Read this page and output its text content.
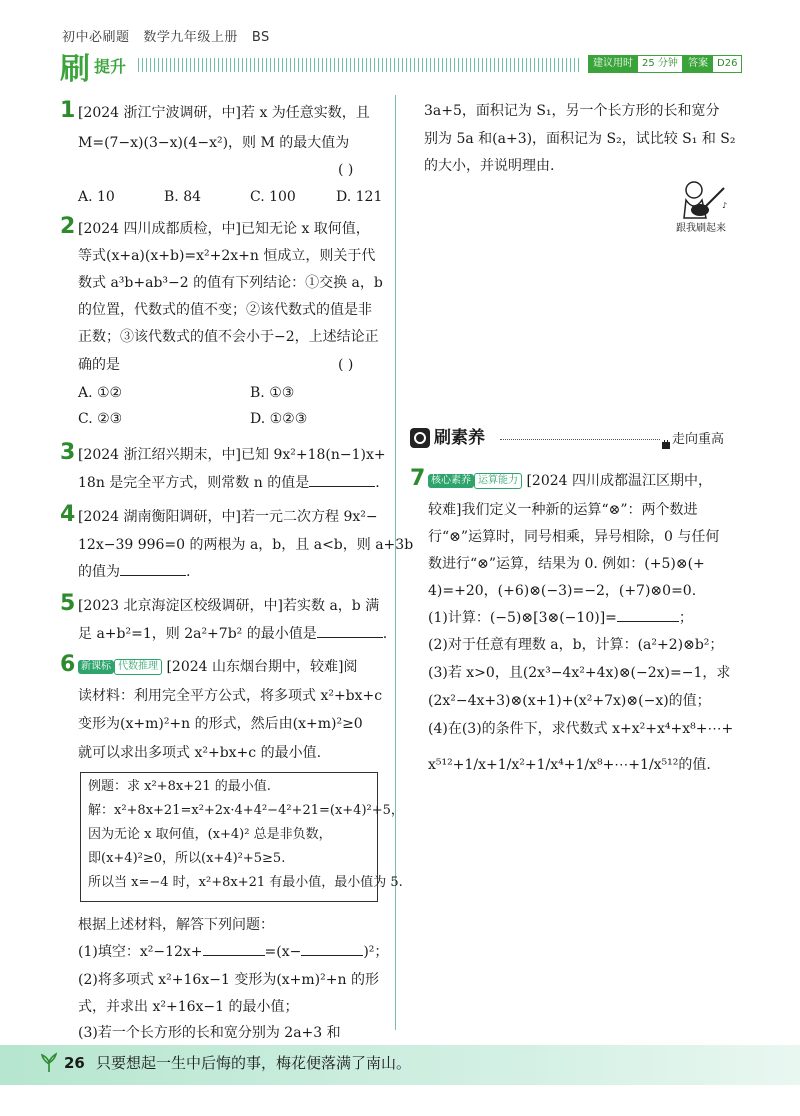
初中必刷题 数学九年级上册 BS
刷 提升	建议用时 25 分钟	答案 D26
1 [2024 浙江宁波调研，中]若 x 为任意实数，且
M=(7−x)(3−x)(4−x²)，则 M 的最大值为
( )
A. 10	B. 84	C. 100	D. 121
2 [2024 四川成都质检，中]已知无论 x 取何值，
等式(x+a)(x+b)=x²+2x+n 恒成立，则关于代
数式 a³b+ab³−2 的值有下列结论：①交换 a，b
的位置，代数式的值不变；②该代数式的值是非
正数；③该代数式的值不会小于−2，上述结论正
确的是	( )
A. ①②	B. ①③
C. ②③	D. ①②③
3 [2024 浙江绍兴期末，中]已知 9x²+18(n−1)x+
18n 是完全平方式，则常数 n 的值是	.
4 [2024 湖南衡阳调研，中]若一元二次方程 9x²−
12x−39 996=0 的两根为 a，b，且 a<b，则 a+3b
的值为	.
5 [2023 北京海淀区校级调研，中]若实数 a，b 满
足 a+b²=1，则 2a²+7b² 的最小值是	.
6 新课标 代数推理 [2024 山东烟台期中，较难]阅
读材料：利用完全平方公式，将多项式 x²+bx+c
变形为(x+m)²+n 的形式，然后由(x+m)²≥0
就可以求出多项式 x²+bx+c 的最小值.
例题：求 x²+8x+21 的最小值.
解：x²+8x+21=x²+2x·4+4²−4²+21=(x+4)²+5，
因为无论 x 取何值，(x+4)² 总是非负数，
即(x+4)²≥0，所以(x+4)²+5≥5.
所以当 x=−4 时，x²+8x+21 有最小值，最小值为 5.
根据上述材料，解答下列问题：
(1)填空：x²−12x+	=(x−	)²；
(2)将多项式 x²+16x−1 变形为(x+m)²+n 的形
式，并求出 x²+16x−1 的最小值；
(3)若一个长方形的长和宽分别为 2a+3 和
3a+5，面积记为 S₁，另一个长方形的长和宽分
别为 5a 和(a+3)，面积记为 S₂，试比较 S₁ 和 S₂
的大小，并说明理由.
♪
跟我刷起来
刷素养	走向重高
7 核心素养 运算能力 [2024 四川成都温江区期中，
较难]我们定义一种新的运算“⊗”：两个数进
行“⊗”运算时，同号相乘，异号相除，0 与任何
数进行“⊗”运算，结果为 0. 例如：(+5)⊗(+
4)=+20，(+6)⊗(−3)=−2，(+7)⊗0=0.
(1)计算：(−5)⊗[3⊗(−10)]=	；
(2)对于任意有理数 a，b，计算：(a²+2)⊗b²；
(3)若 x>0，且(2x³−4x²+4x)⊗(−2x)=−1，求
(2x²−4x+3)⊗(x+1)+(x²+7x)⊗(−x)的值；
(4)在(3)的条件下，求代数式 x+x²+x⁴+x⁸+⋯+
x⁵¹²+1/x+1/x²+1/x⁴+1/x⁸+⋯+1/x⁵¹²的值.
26 只要想起一生中后悔的事，梅花便落满了南山。
